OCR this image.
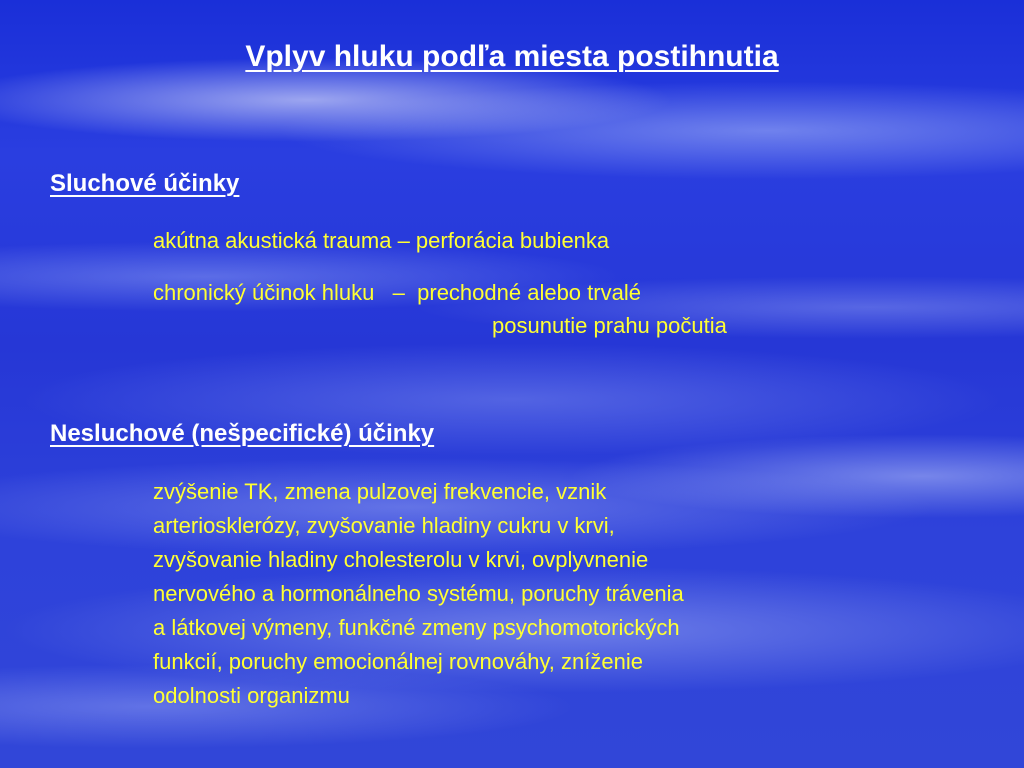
Vplyv hluku podľa miesta postihnutia
Sluchové účinky

akútna akustická trauma – perforácia bubienka

chronický účinok hluku   –  prechodné alebo trvalé

posunutie prahu počutia

Nesluchové (nešpecifické) účinky
zvýšenie TK, zmena pulzovej frekvencie, vznik
arteriosklerózy, zvyšovanie hladiny cukru v krvi,
zvyšovanie hladiny cholesterolu v krvi, ovplyvnenie
nervového a hormonálneho systému, poruchy trávenia
a látkovej výmeny, funkčné zmeny psychomotorických
funkcií, poruchy emocionálnej rovnováhy, zníženie
odolnosti organizmu
